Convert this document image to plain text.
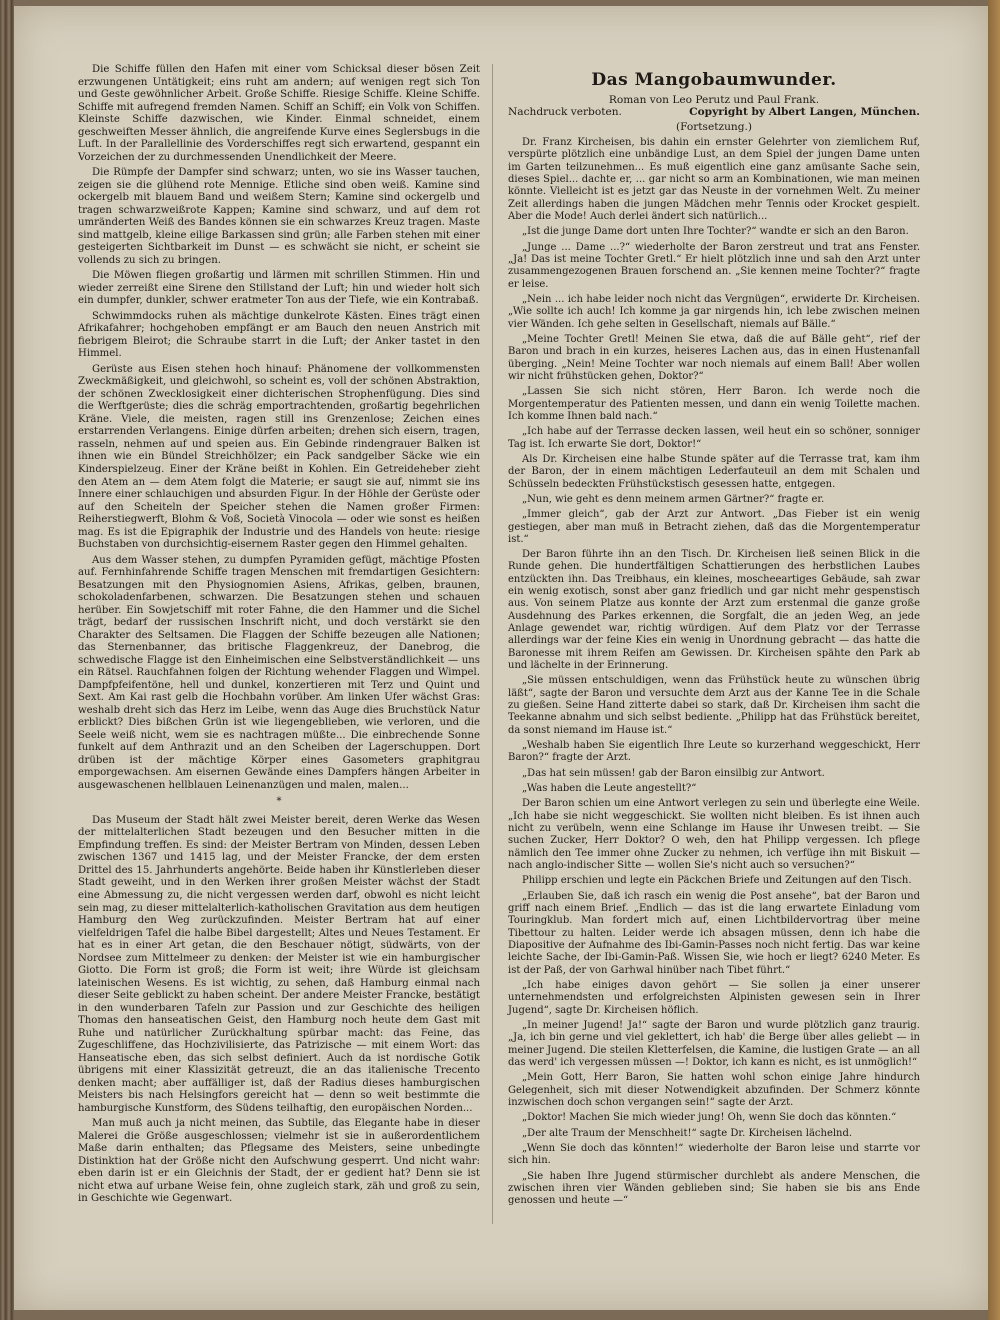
Die Schiffe füllen den Hafen mit einer vom Schicksal dieser bösen Zeit erzwungenen Untätigkeit; eins ruht am andern; auf wenigen regt sich Ton und Geste gewöhnlicher Arbeit. Große Schiffe. Riesige Schiffe. Kleine Schiffe. Schiffe mit aufregend fremden Namen. Schiff an Schiff; ein Volk von Schiffen. Kleinste Schiffe dazwischen, wie Kinder. Einmal schneidet, einem geschweiften Messer ähnlich, die angreifende Kurve eines Seglersbugs in die Luft. In der Parallellinie des Vorderschiffes regt sich erwartend, gespannt ein Vorzeichen der zu durchmessenden Unendlichkeit der Meere.

Die Rümpfe der Dampfer sind schwarz; unten, wo sie ins Wasser tauchen, zeigen sie die glühend rote Mennige. Etliche sind oben weiß. Kamine sind ockergelb mit blauem Band und weißem Stern; Kamine sind ockergelb und tragen schwarzweißrote Kappen; Kamine sind schwarz, und auf dem rot umränderten Weiß des Bandes können sie ein schwarzes Kreuz tragen. Maste sind mattgelb, kleine eilige Barkassen sind grün; alle Farben stehen mit einer gesteigerten Sichtbarkeit im Dunst — es schwächt sie nicht, er scheint sie vollends zu sich zu bringen.

Die Möwen fliegen großartig und lärmen mit schrillen Stimmen. Hin und wieder zerreißt eine Sirene den Stillstand der Luft; hin und wieder holt sich ein dumpfer, dunkler, schwer eratmeter Ton aus der Tiefe, wie ein Kontrabaß.

Schwimmdocks ruhen als mächtige dunkelrote Kästen. Eines trägt einen Afrikafahrer; hochgehoben empfängt er am Bauch den neuen Anstrich mit fiebrigem Bleirot; die Schraube starrt in die Luft; der Anker tastet in den Himmel.

Gerüste aus Eisen stehen hoch hinauf: Phänomene der vollkommensten Zweckmäßigkeit, und gleichwohl, so scheint es, voll der schönen Abstraktion, der schönen Zwecklosigkeit einer dichterischen Strophenfügung. Dies sind die Werftgerüste; dies die schräg emportrachtenden, großartig begehrlichen Kräne. Viele, die meisten, ragen still ins Grenzenlose; Zeichen eines erstarrenden Verlangens. Einige dürfen arbeiten; drehen sich eisern, tragen, rasseln, nehmen auf und speien aus. Ein Gebinde rindengrauer Balken ist ihnen wie ein Bündel Streichhölzer; ein Pack sandgelber Säcke wie ein Kinderspielzeug. Einer der Kräne beißt in Kohlen. Ein Getreideheber zieht den Atem an — dem Atem folgt die Materie; er saugt sie auf, nimmt sie ins Innere einer schlauchigen und absurden Figur. In der Höhle der Gerüste oder auf den Scheiteln der Speicher stehen die Namen großer Firmen: Reiherstiegwerft, Blohm & Voß, Società Vinocola — oder wie sonst es heißen mag. Es ist die Epigraphik der Industrie und des Handels von heute: riesige Buchstaben von durchsichtig-eisernem Raster gegen den Himmel gehalten.

Aus dem Wasser stehen, zu dumpfen Pyramiden gefügt, mächtige Pfosten auf. Fernhinfahrende Schiffe tragen Menschen mit fremdartigen Gesichtern: Besatzungen mit den Physiognomien Asiens, Afrikas, gelben, braunen, schokoladenfarbenen, schwarzen. Die Besatzungen stehen und schauen herüber. Ein Sowjetschiff mit roter Fahne, die den Hammer und die Sichel trägt, bedarf der russischen Inschrift nicht, und doch verstärkt sie den Charakter des Seltsamen. Die Flaggen der Schiffe bezeugen alle Nationen; das Sternenbanner, das britische Flaggenkreuz, der Danebrog, die schwedische Flagge ist den Einheimischen eine Selbstverständlichkeit — uns ein Rätsel. Rauchfahnen folgen der Richtung wehender Flaggen und Wimpel. Dampfpfeifentöne, hell und dunkel, konzertieren mit Terz und Quint und Sext. Am Kai rast gelb die Hochbahn vorüber. Am linken Ufer wächst Gras: weshalb dreht sich das Herz im Leibe, wenn das Auge dies Bruchstück Natur erblickt? Dies bißchen Grün ist wie liegengeblieben, wie verloren, und die Seele weiß nicht, wem sie es nachtragen müßte... Die einbrechende Sonne funkelt auf dem Anthrazit und an den Scheiben der Lagerschuppen. Dort drüben ist der mächtige Körper eines Gasometers graphitgrau emporgewachsen. Am eisernen Gewände eines Dampfers hängen Arbeiter in ausgewaschenen hellblauen Leinenanzügen und malen, malen...

*

Das Museum der Stadt hält zwei Meister bereit, deren Werke das Wesen der mittelalterlichen Stadt bezeugen und den Besucher mitten in die Empfindung treffen. Es sind: der Meister Bertram von Minden, dessen Leben zwischen 1367 und 1415 lag, und der Meister Francke, der dem ersten Drittel des 15. Jahrhunderts angehörte. Beide haben ihr Künstlerleben dieser Stadt geweiht, und in den Werken ihrer großen Meister wächst der Stadt eine Abmessung zu, die nicht vergessen werden darf, obwohl es nicht leicht sein mag, zu dieser mittelalterlich-katholischen Gravitation aus dem heutigen Hamburg den Weg zurückzufinden. Meister Bertram hat auf einer vielfeldrigen Tafel die halbe Bibel dargestellt; Altes und Neues Testament. Er hat es in einer Art getan, die den Beschauer nötigt, südwärts, von der Nordsee zum Mittelmeer zu denken: der Meister ist wie ein hamburgischer Giotto. Die Form ist groß; die Form ist weit; ihre Würde ist gleichsam lateinischen Wesens. Es ist wichtig, zu sehen, daß Hamburg einmal nach dieser Seite geblickt zu haben scheint. Der andere Meister Francke, bestätigt in den wunderbaren Tafeln zur Passion und zur Geschichte des heiligen Thomas den hanseatischen Geist, den Hamburg noch heute dem Gast mit Ruhe und natürlicher Zurückhaltung spürbar macht: das Feine, das Zugeschliffene, das Hochzivilisierte, das Patrizische — mit einem Wort: das Hanseatische eben, das sich selbst definiert. Auch da ist nordische Gotik übrigens mit einer Klassizität getreuzt, die an das italienische Trecento denken macht; aber auffälliger ist, daß der Radius dieses hamburgischen Meisters bis nach Helsingfors gereicht hat — denn so weit bestimmte die hamburgische Kunstform, des Südens teilhaftig, den europäischen Norden...

Man muß auch ja nicht meinen, das Subtile, das Elegante habe in dieser Malerei die Größe ausgeschlossen; vielmehr ist sie in außerordentlichem Maße darin enthalten; das Pflegsame des Meisters, seine unbedingte Distinktion hat der Größe nicht den Aufschwung gesperrt. Und nicht wahr: eben darin ist er ein Gleichnis der Stadt, der er gedient hat? Denn sie ist nicht etwa auf urbane Weise fein, ohne zugleich stark, zäh und groß zu sein, in Geschichte wie Gegenwart.

Das Mangobaumwunder.
Roman von Leo Perutz und Paul Frank.
Nachdruck verboten.	Copyright by Albert Langen, München.
(Fortsetzung.)

Dr. Franz Kircheisen, bis dahin ein ernster Gelehrter von ziemlichem Ruf, verspürte plötzlich eine unbändige Lust, an dem Spiel der jungen Dame unten im Garten teilzunehmen... Es muß eigentlich eine ganz amüsante Sache sein, dieses Spiel... dachte er, ... gar nicht so arm an Kombinationen, wie man meinen könnte. Vielleicht ist es jetzt gar das Neuste in der vornehmen Welt. Zu meiner Zeit allerdings haben die jungen Mädchen mehr Tennis oder Krocket gespielt. Aber die Mode! Auch derlei ändert sich natürlich...

„Ist die junge Dame dort unten Ihre Tochter?“ wandte er sich an den Baron.

„Junge ... Dame ...?“ wiederholte der Baron zerstreut und trat ans Fenster. „Ja! Das ist meine Tochter Gretl.“ Er hielt plötzlich inne und sah den Arzt unter zusammengezogenen Brauen forschend an. „Sie kennen meine Tochter?“ fragte er leise.

„Nein ... ich habe leider noch nicht das Vergnügen“, erwiderte Dr. Kircheisen. „Wie sollte ich auch! Ich komme ja gar nirgends hin, ich lebe zwischen meinen vier Wänden. Ich gehe selten in Gesellschaft, niemals auf Bälle.“

„Meine Tochter Gretl! Meinen Sie etwa, daß die auf Bälle geht“, rief der Baron und brach in ein kurzes, heiseres Lachen aus, das in einen Hustenanfall überging. „Nein! Meine Tochter war noch niemals auf einem Ball! Aber wollen wir nicht frühstücken gehen, Doktor?“

„Lassen Sie sich nicht stören, Herr Baron. Ich werde noch die Morgentemperatur des Patienten messen, und dann ein wenig Toilette machen. Ich komme Ihnen bald nach.“

„Ich habe auf der Terrasse decken lassen, weil heut ein so schöner, sonniger Tag ist. Ich erwarte Sie dort, Doktor!“

Als Dr. Kircheisen eine halbe Stunde später auf die Terrasse trat, kam ihm der Baron, der in einem mächtigen Lederfauteuil an dem mit Schalen und Schüsseln bedeckten Frühstückstisch gesessen hatte, entgegen.

„Nun, wie geht es denn meinem armen Gärtner?“ fragte er.

„Immer gleich“, gab der Arzt zur Antwort. „Das Fieber ist ein wenig gestiegen, aber man muß in Betracht ziehen, daß das die Morgentemperatur ist.“

Der Baron führte ihn an den Tisch. Dr. Kircheisen ließ seinen Blick in die Runde gehen. Die hundertfältigen Schattierungen des herbstlichen Laubes entzückten ihn. Das Treibhaus, ein kleines, moscheeartiges Gebäude, sah zwar ein wenig exotisch, sonst aber ganz friedlich und gar nicht mehr gespenstisch aus. Von seinem Platze aus konnte der Arzt zum erstenmal die ganze große Ausdehnung des Parkes erkennen, die Sorgfalt, die an jeden Weg, an jede Anlage gewendet war, richtig würdigen. Auf dem Platz vor der Terrasse allerdings war der feine Kies ein wenig in Unordnung gebracht — das hatte die Baronesse mit ihrem Reifen am Gewissen. Dr. Kircheisen spähte den Park ab und lächelte in der Erinnerung.

„Sie müssen entschuldigen, wenn das Frühstück heute zu wünschen übrig läßt“, sagte der Baron und versuchte dem Arzt aus der Kanne Tee in die Schale zu gießen. Seine Hand zitterte dabei so stark, daß Dr. Kircheisen ihm sacht die Teekanne abnahm und sich selbst bediente. „Philipp hat das Frühstück bereitet, da sonst niemand im Hause ist.“

„Weshalb haben Sie eigentlich Ihre Leute so kurzerhand weggeschickt, Herr Baron?“ fragte der Arzt.

„Das hat sein müssen! gab der Baron einsilbig zur Antwort.

„Was haben die Leute angestellt?“

Der Baron schien um eine Antwort verlegen zu sein und überlegte eine Weile. „Ich habe sie nicht weggeschickt. Sie wollten nicht bleiben. Es ist ihnen auch nicht zu verübeln, wenn eine Schlange im Hause ihr Unwesen treibt. — Sie suchen Zucker, Herr Doktor? O weh, den hat Philipp vergessen. Ich pflege nämlich den Tee immer ohne Zucker zu nehmen, ich verfüge ihn mit Biskuit — nach anglo-indischer Sitte — wollen Sie's nicht auch so versuchen?“

Philipp erschien und legte ein Päckchen Briefe und Zeitungen auf den Tisch.

„Erlauben Sie, daß ich rasch ein wenig die Post ansehe“, bat der Baron und griff nach einem Brief. „Endlich — das ist die lang erwartete Einladung vom Touringklub. Man fordert mich auf, einen Lichtbildervortrag über meine Tibettour zu halten. Leider werde ich absagen müssen, denn ich habe die Diapositive der Aufnahme des Ibi-Gamin-Passes noch nicht fertig. Das war keine leichte Sache, der Ibi-Gamin-Paß. Wissen Sie, wie hoch er liegt? 6240 Meter. Es ist der Paß, der von Garhwal hinüber nach Tibet führt.“

„Ich habe einiges davon gehört — Sie sollen ja einer unserer unternehmendsten und erfolgreichsten Alpinisten gewesen sein in Ihrer Jugend“, sagte Dr. Kircheisen höflich.

„In meiner Jugend! Ja!“ sagte der Baron und wurde plötzlich ganz traurig. „Ja, ich bin gerne und viel gekletter​t, ich hab' die Berge über alles geliebt — in meiner Jugend. Die steilen Kletterfelsen, die Kamine, die lustigen Grate — an all das werd' ich vergessen müssen —! Doktor, ich kann es nicht, es ist unmöglich!“

„Mein Gott, Herr Baron, Sie hatten wohl schon einige Jahre hindurch Gelegenheit, sich mit dieser Notwendigkeit abzufinden. Der Schmerz könnte inzwischen doch schon vergangen sein!“ sagte der Arzt.

„Doktor! Machen Sie mich wieder jung! Oh, wenn Sie doch das könnten.“

„Der alte Traum der Menschheit!“ sagte Dr. Kircheisen lächelnd.

„Wenn Sie doch das könnten!“ wiederholte der Baron leise und starrte vor sich hin.

„Sie haben Ihre Jugend stürmischer durchlebt als andere Menschen, die zwischen ihren vier Wänden geblieben sind; Sie haben sie bis ans Ende genossen und heute —“
